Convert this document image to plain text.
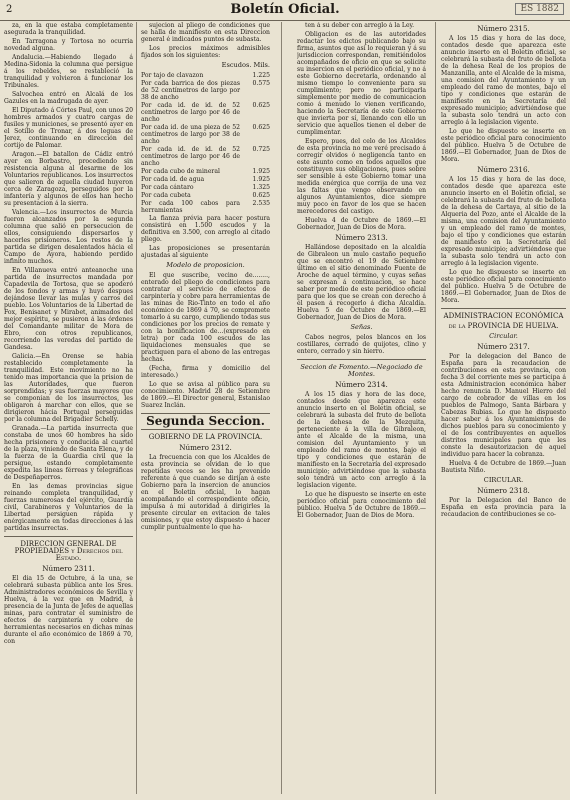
2	Boletín Oficial.	ES 1882

za, en la que estaba completamente asegurada la tranquilidad.

En Tarragona y Tortosa no ocurria novedad alguna.

Andalucia.—Habiendo llegado á Medina-Sidonia la columna que persigue á los rebeldes, se restableció la tranquilidad y volvieron á funcionar los Tribunales.

Salvochea entró en Alcalá de los Gazules en la madrugada de ayer.

El Diputado á Córtes Paul, con unos 20 hombres armados y cuatro cargas de fusiles y municiones, se presentó ayer en el Sotillo de Tronar, á dos leguas de Jerez, continuando en dirección del cortijo de Palomar.

Aragon.—El batallon de Cádiz entró ayer en Borbastro, procediendo sin resistencia alguna al desarme de los Voluntarios republicanos. Los insurrectos que salieron de aquella ciudad huyeron cerca de Zaragoza, perseguidos por la infantería y algunos de ellos han hecho su presentacion á la sierra.

Valencia.—Los insurrectos de Murcia fueron alcanzados por la segunda columna que salió en persecucion de ellos, consiguiendo dispersarlos y hacerles prisioneros. Los restos de la partida se dirigen desalentados hácia el Campo de Ayora, habiendo perdido infinito muchos.

En Villanueva entró anteanoche una partida de insurrectos mandada por Capadevila de Tortosa, que se apoderó de los fondos y armas y huyó despues dejándose llevar las mulas y carros del pueblo. Los Voluntarios de la Libertad de Fox, Benisanet y Mirabet, animados del mejor espíritu, se pusieron á las órdenes del Comandante militar de Mora de Ebro, con otros republicanos, recorriendo las veredas del partido de Gandesa.

Galicia.—En Orense se habia restablecido completamente la tranquilidad. Este movimiento no ha tenido mas importancia que la prision de las Autoridades, que fueron sorprendidas; y sus fuerzas mayores que se componian de los insurrectos, les obligaron á marchar con ellos, que se dirigieron hácia Portugal perseguidas por la columna del Brigadier Schelly.

Granada.—La partida insurrecta que constaba de unos 60 hombres ha sido hecha prisionera y conducida al cuartel de la plaza, viniendo de Santa Elena, y de la fuerza de la Guardia civil que la persigue, estando completamente expedita las lineas férreas y telegráficas de Despeñaperros.

En las demas provincias sigue reinando completa tranquilidad, y fuerzas numerosas del ejército, Guardia civil, Carabineros y Voluntarios de la Libertad persiguen rápida y enérgicamente en todas direcciones á las partidas insurrectas.

DIRECCION GENERAL DE PROPIEDADES y Derechos del Estado.
Número 2311.

El dia 15 de Octubre, á la una, se celebrará subasta pública ante los Sres. Administradores económicos de Sevilla y Huelva, á la vez que en Madrid, á presencia de la Junta de Jefes de aquellas minas, para contratar el suministro de efectos de carpintería y cobre de herramientas necesarios en dichas minas durante el año económico de 1869 á 70, con

sujecion al pliego de condiciones que se halla de manifiesto en esta Direccion general é indicados puntos de subasta.

Los precios máximos admisibles fijados son los siguientes:

Escudos. Mils.
Por tajo de clavazon	1.225
Por cada barrica de dos piezas de 52 centímetros de largo por 38 de ancho
0.575
Por cada id. de id. de 52 centímetros de largo por 46 de ancho
0.625
Por cada id. de una pieza de 52 centímetros de largo por 38 de ancho
0.625
Por cada id. de id. de 52 centímetros de largo por 46 de ancho
0.725
Por cada cubo de mineral	1.925
Por cada id. de agua	1.925
Por cada cántaro	1.325
Por cada cubeta	0.625
Por cada 100 cabos para herramientas
2.535

La fianza prévia para hacer postura consistirá en 1.500 escudos y la definitiva en 3.500, con arreglo al citado pliego.

Las proposiciones se presentarán ajustadas al siguiente

Modelo de proposicion.

El que suscribe, vecino de........, enterado del pliego de condiciones para contratar el servicio de efectos de carpintería y cobre para herramientas de las minas de Rio-Tinto en todo el año económico de 1869 á 70, se compromete tomarlo á su cargo, cumpliendo todas sus condiciones por los precios de remate y con la bonificacion de...(expresado en letra) por cada 100 escudos de las liquidaciones mensuales que se practiquen para el abono de las entregas hechas.

(Fecha, firma y domicilio del interesado.)

Lo que se avisa al público para su conocimiento. Madrid 28 de Setiembre de 1869.—El Director general, Estanislao Suarez Inclán.

Segunda Seccion.
GOBIERNO DE LA PROVINCIA.
Número 2312.

La frecuencia con que los Alcaldes de esta provincia se olvidan de lo que repetidas veces se les ha prevenido referente á que cuando se dirijan á este Gobierno para la insercion de anuncios en el Boletin oficial, lo hagan acompañando el correspondiente oficio, impulsa á mi autoridad á dirigirles la presente circular en evitacion de tales omisiones, y que estoy dispuesto á hacer cumplir puntualmente lo que ha-

ten á su deber con arreglo á la Ley.

Obligacion es de las autoridades redactar los edictos publicando bajo su firma, asuntos que así lo requieran y á su jurisdiccion correspondan, remitiéndolos acompañados de oficio en que se solicite su insercion en el periódico oficial, y no á este Gobierno decretarla, ordenando al mismo tiempo lo conveniente para su cumplimiento; pero no participarla simplemente por medio de comunicacion como á menudo lo vienen verificando, haciendo la Secretaría de este Gobierno que invierta por sí, llenando con ello un servicio que aquellos tienen el deber de cumplimentar.

Espero, pues, del celo de los Alcaldes de esta provincia no me veré precisado á corregir olvidos ó negligencia tanto en este asunto como en todos aquellos que constituyen sus obligaciones, pues sobre ser sensible á este Gobierno tomar una medida enérgica que corrija de una vez las faltas que vengo observando en algunos Ayuntamientos, dice siempre muy poco en favor de los que se hacen merecedores del castigo.

Huelva 4 de Octubre de 1869.—El Gobernador, Juan de Dios de Mora.

Número 2313.

Hallándose depositado en la alcaldía de Gibraleon un mulo castaño pequeño que se encontró el 19 de Setiembre último en el sitio denominado Fuente de Aroche de aquel término, y cuyas señas se expresan á continuacion, se hace saber por medio de este periódico oficial para que los que se crean con derecho á él pasen á recogerlo á dicha Alcaldía. Huelva 5 de Octubre de 1869.—El Gobernador, Juan de Dios de Mora.

Señas.

Cabos negros, pelos blancos en los costillares, cerrado de quijotes, clino y entero, cerrado y sin hierro.

Seccion de Fomento.—Negociado de Montes.
Número 2314.

A los 15 dias y hora de las doce, contados desde que aparezca este anuncio inserto en el Boletin oficial, se celebrará la subasta del fruto de bellota de la dehesa de la Mezquita, perteneciente á la villa de Gibraleon, ante el Alcalde de la misma, una comision del Ayuntamiento y un empleado del ramo de montes, bajo el tipo y condiciones que estarán de manifiesto en la Secretaría del expresado municipio; advirtiéndose que la subasta solo tendrá un acto con arreglo á la legislacion vigente.

Lo que he dispuesto se inserte en este periódico oficial para conocimiento del público. Huelva 5 de Octubre de 1869.—El Gobernador, Juan de Dios de Mora.

Número 2315.

A los 15 dias y hora de las doce, contados desde que aparezca este anuncio inserto en el Boletin oficial, se celebrará la subasta del fruto de bellota de la dehesa Real de los propios de Manzanilla, ante el Alcalde de la misma, una comision del Ayuntamiento y un empleado del ramo de montes, bajo el tipo y condiciones que estarán de manifiesto en la Secretaría del expresado municipio; advirtiéndose que la subasta solo tendrá un acto con arreglo á la legislacion vigente.

Lo que he dispuesto se inserte en este periódico oficial para conocimiento del público. Huelva 5 de Octubre de 1869.—El Gobernador, Juan de Dios de Mora.

Número 2316.

A los 15 dias y hora de las doce, contados desde que aparezca este anuncio inserto en el Boletin oficial, se celebrará la subasta del fruto de bellota de la dehesa de Cartaya, al sitio de la Alqueria del Pozo, ante el Alcalde de la misma, una comision del Ayuntamiento y un empleado del ramo de montes, bajo el tipo y condiciones que estarán de manifiesto en la Secretaría del expresado municipio; advirtiéndose que la subasta solo tendrá un acto con arreglo á la legislacion vigente.

Lo que he dispuesto se inserte en este periódico oficial para conocimiento del público. Huelva 5 de Octubre de 1869.—El Gobernador, Juan de Dios de Mora.

ADMINISTRACION ECONÓMICA
de la PROVINCIA DE HUELVA.
Circular.
Número 2317.

Por la delegacion del Banco de España para la recaudacion de contribuciones en esta provincia, con fecha 3 del corriente mes se participa á esta Administracion económica haber hecho renuncia D. Manuel Hierro del cargo de cobrador de villas en los pueblos de Palmogo, Santa Bárbara y Cabezas Rubias. Lo que he dispuesto hacer saber á los Ayuntamientos de dichos pueblos para su conocimiento y el de los contribuyentes en aquellos distritos municipales para que les conste la desautorizacion de aquel individuo para hacer la cobranza.

Huelva 4 de Octubre de 1869.—Juan Bautista Niño.

CIRCULAR.
Número 2318.

Por la Delegacion del Banco de España en esta provincia para la recaudacion de contribuciones se co-
